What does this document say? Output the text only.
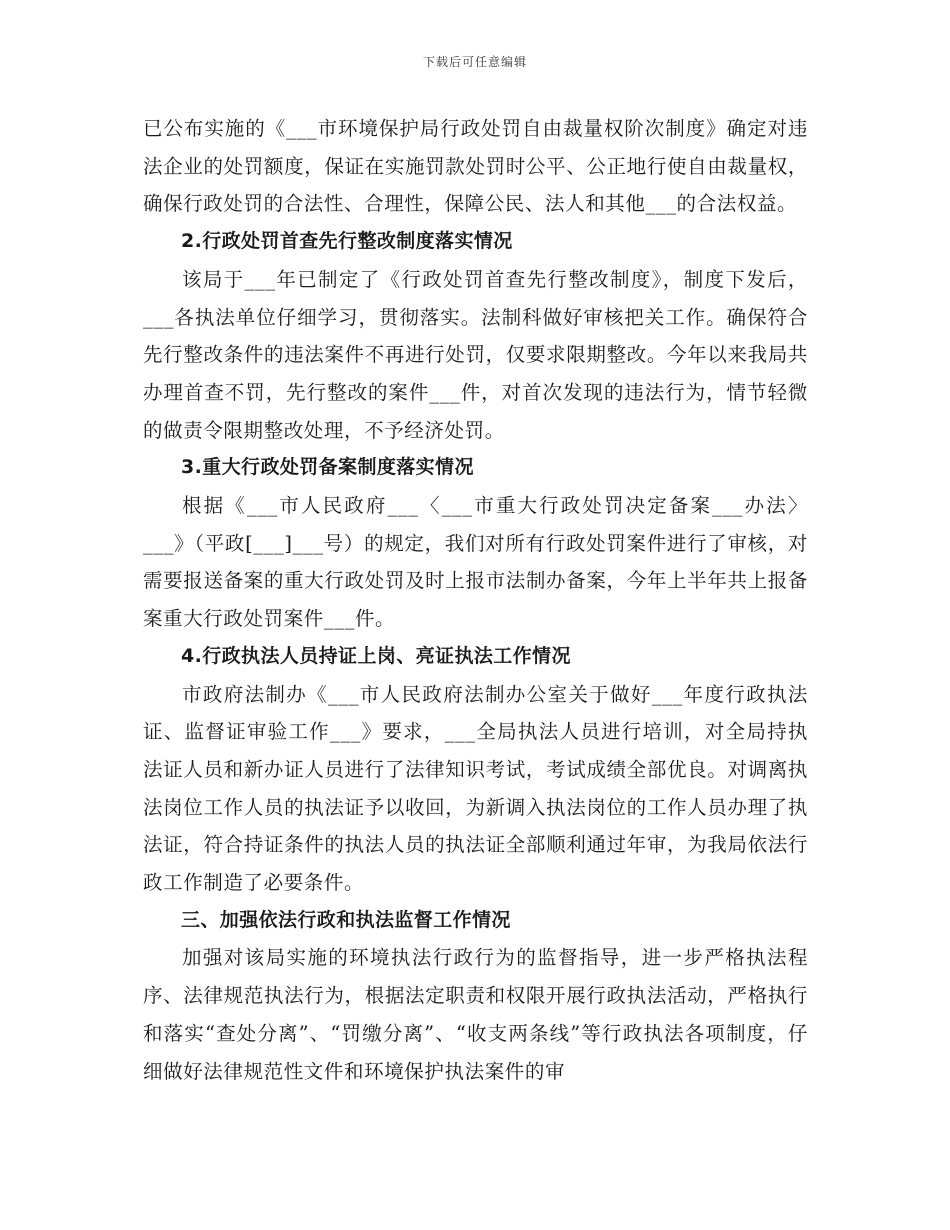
下载后可任意编辑

已公布实施的《___市环境保护局行政处罚自由裁量权阶次制度》确定对违法企业的处罚额度，保证在实施罚款处罚时公平、公正地行使自由裁量权，确保行政处罚的合法性、合理性，保障公民、法人和其他___的合法权益。

2.行政处罚首查先行整改制度落实情况

该局于___年已制定了《行政处罚首查先行整改制度》，制度下发后，___各执法单位仔细学习，贯彻落实。法制科做好审核把关工作。确保符合先行整改条件的违法案件不再进行处罚，仅要求限期整改。今年以来我局共办理首查不罚，先行整改的案件___件，对首次发现的违法行为，情节轻微的做责令限期整改处理，不予经济处罚。

3.重大行政处罚备案制度落实情况

根据《___市人民政府___〈___市重大行政处罚决定备案___办法〉___》（平政[___]___号）的规定，我们对所有行政处罚案件进行了审核，对需要报送备案的重大行政处罚及时上报市法制办备案，今年上半年共上报备案重大行政处罚案件___件。

4.行政执法人员持证上岗、亮证执法工作情况

市政府法制办《___市人民政府法制办公室关于做好___年度行政执法证、监督证审验工作___》要求，___全局执法人员进行培训，对全局持执法证人员和新办证人员进行了法律知识考试，考试成绩全部优良。对调离执法岗位工作人员的执法证予以收回，为新调入执法岗位的工作人员办理了执法证，符合持证条件的执法人员的执法证全部顺利通过年审，为我局依法行政工作制造了必要条件。

三、加强依法行政和执法监督工作情况

加强对该局实施的环境执法行政行为的监督指导，进一步严格执法程序、法律规范执法行为，根据法定职责和权限开展行政执法活动，严格执行和落实“查处分离”、“罚缴分离”、“收支两条线”等行政执法各项制度，仔细做好法律规范性文件和环境保护执法案件的审
